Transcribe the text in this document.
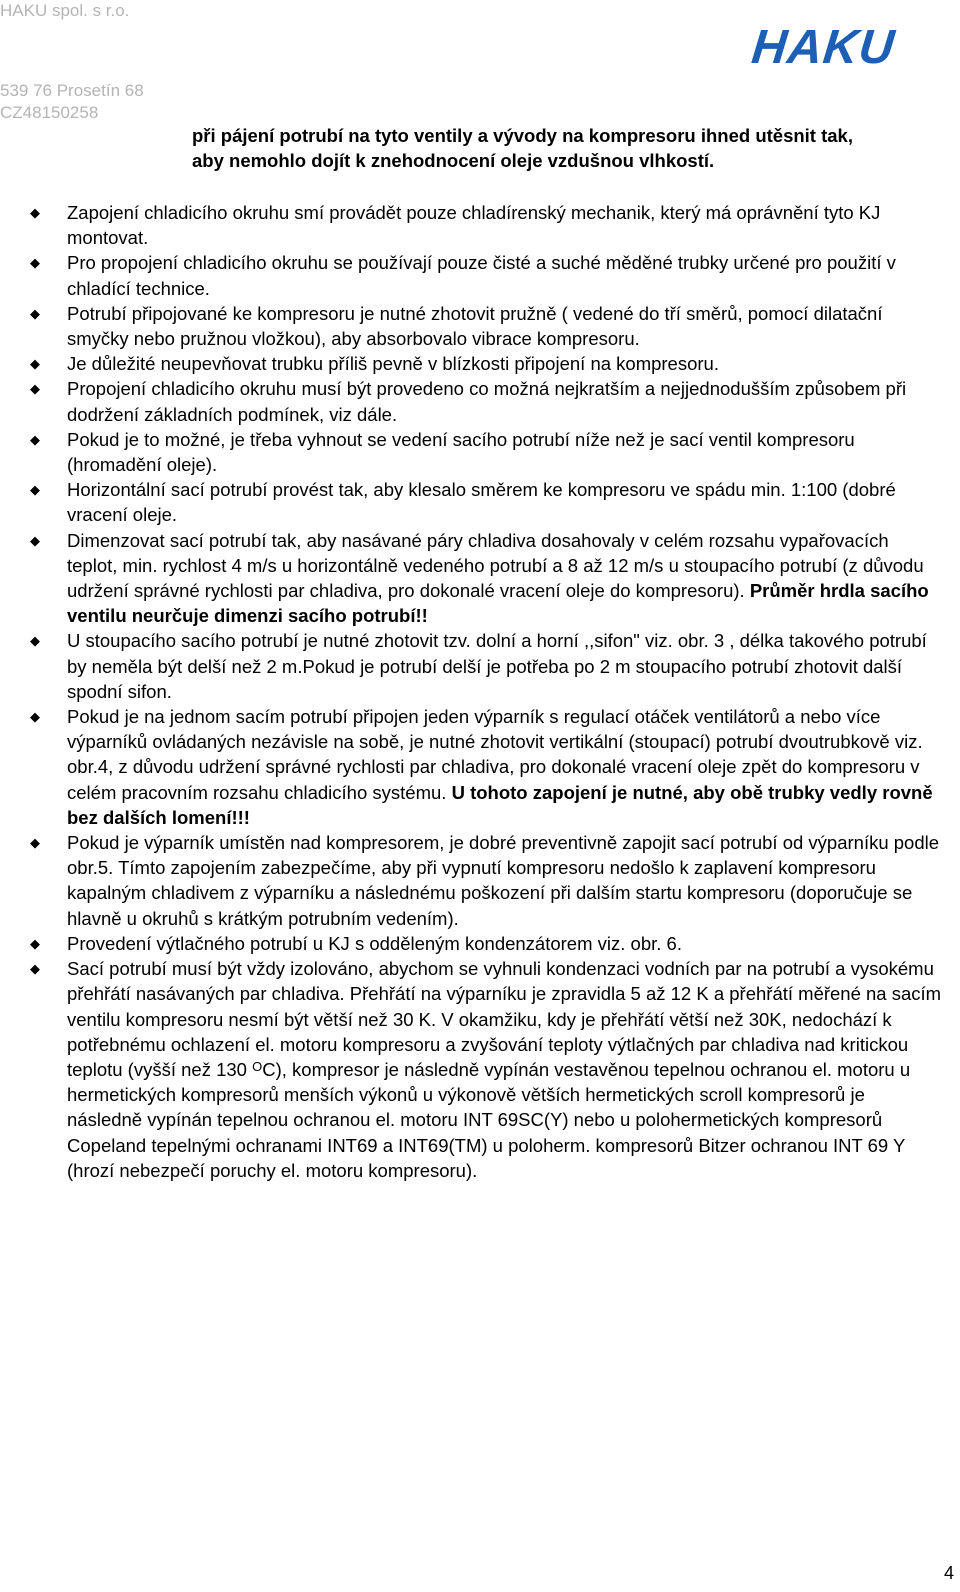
HAKU spol. s r.o.
539 76 Prosetín 68
CZ48150258
HAKU
při pájení potrubí na tyto ventily a vývody na kompresoru ihned utěsnit tak,
aby nemohlo dojít k znehodnocení oleje vzdušnou vlhkostí.
◆ Zapojení chladicího okruhu smí provádět pouze chladírenský mechanik, který má oprávnění tyto KJ montovat.
◆ Pro propojení chladicího okruhu se používají pouze čisté a suché měděné trubky určené pro použití v chladící technice.
◆ Potrubí připojované ke kompresoru je nutné zhotovit pružně ( vedené do tří směrů, pomocí dilatační smyčky nebo pružnou vložkou), aby absorbovalo vibrace kompresoru.
◆ Je důležité neupevňovat trubku příliš pevně v blízkosti připojení na kompresoru.
◆ Propojení chladicího okruhu musí být provedeno co možná nejkratším a nejjednodušším způsobem při dodržení základních podmínek, viz dále.
◆ Pokud je to možné, je třeba vyhnout se vedení sacího potrubí níže než je sací ventil kompresoru (hromadění oleje).
◆ Horizontální sací potrubí provést tak, aby klesalo směrem ke kompresoru ve spádu min. 1:100 (dobré vracení oleje.
◆ Dimenzovat sací potrubí tak, aby nasávané páry chladiva dosahovaly v celém rozsahu vypařovacích teplot, min. rychlost 4 m/s u horizontálně vedeného potrubí a 8 až 12 m/s u stoupacího potrubí (z důvodu udržení správné rychlosti par chladiva, pro dokonalé vracení oleje do kompresoru). Průměr hrdla sacího ventilu neurčuje dimenzi sacího potrubí!!
◆ U stoupacího sacího potrubí je nutné zhotovit tzv. dolní a horní ,,sifon" viz. obr. 3 , délka takového potrubí by neměla být delší než 2 m.Pokud je potrubí delší je potřeba po 2 m stoupacího potrubí zhotovit další spodní sifon.
◆ Pokud je na jednom sacím potrubí připojen jeden výparník s regulací otáček ventilátorů a nebo více výparníků ovládaných nezávisle na sobě, je nutné zhotovit vertikální (stoupací) potrubí dvoutrubkově viz. obr.4, z důvodu udržení správné rychlosti par chladiva, pro dokonalé vracení oleje zpět do kompresoru v celém pracovním rozsahu chladicího systému. U tohoto zapojení je nutné, aby obě trubky vedly rovně bez dalších lomení!!!
◆ Pokud je výparník umístěn nad kompresorem, je dobré preventivně zapojit sací potrubí od výparníku podle obr.5. Tímto zapojením zabezpečíme, aby při vypnutí kompresoru nedošlo k zaplavení kompresoru kapalným chladivem z výparníku a následnému poškození při dalším startu kompresoru (doporučuje se hlavně u okruhů s krátkým potrubním vedením).
◆ Provedení výtlačného potrubí u KJ s odděleným kondenzátorem viz. obr. 6.
◆ Sací potrubí musí být vždy izolováno, abychom se vyhnuli kondenzaci vodních par na potrubí a vysokému přehřátí nasávaných par chladiva. Přehřátí na výparníku je zpravidla 5 až 12 K a přehřátí měřené na sacím ventilu kompresoru nesmí být větší než 30 K. V okamžiku, kdy je přehřátí větší než 30K, nedochází k potřebnému ochlazení el. motoru kompresoru a zvyšování teploty výtlačných par chladiva nad kritickou teplotu (vyšší než 130 $^O$C), kompresor je následně vypínán vestavěnou tepelnou ochranou el. motoru u hermetických kompresorů menších výkonů u výkonově větších hermetických scroll kompresorů je následně vypínán tepelnou ochranou el. motoru INT 69SC(Y) nebo u polohermetických kompresorů Copeland tepelnými ochranami INT69 a INT69(TM) u poloherm. kompresorů Bitzer ochranou INT 69 Y (hrozí nebezpečí poruchy el. motoru kompresoru).
4
